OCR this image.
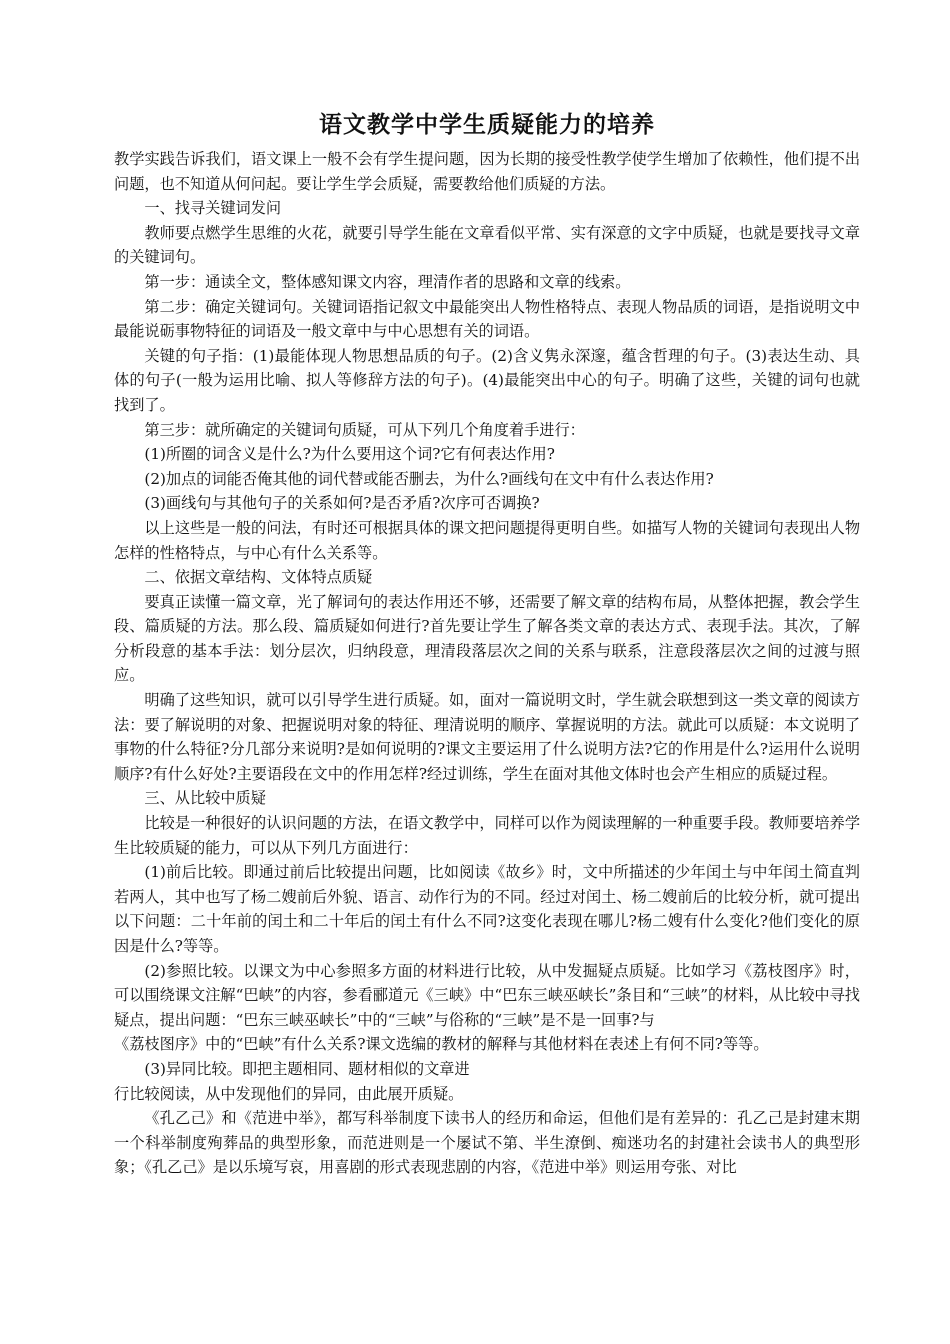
语文教学中学生质疑能力的培养

教学实践告诉我们，语文课上一般不会有学生提问题，因为长期的接受性教学使学生增加了依赖性，他们提不出问题，也不知道从何问起。要让学生学会质疑，需要教给他们质疑的方法。

一、找寻关键词发问

教师要点燃学生思维的火花，就要引导学生能在文章看似平常、实有深意的文字中质疑，也就是要找寻文章的关键词句。

第一步：通读全文，整体感知课文内容，理清作者的思路和文章的线索。

第二步：确定关键词句。关键词语指记叙文中最能突出人物性格特点、表现人物品质的词语，是指说明文中最能说砺事物特征的词语及一般文章中与中心思想有关的词语。

关键的句子指：(1)最能体现人物思想品质的句子。(2)含义隽永深邃，蕴含哲理的句子。(3)表达生动、具体的句子(一般为运用比喻、拟人等修辞方法的句子)。(4)最能突出中心的句子。明确了这些，关键的词句也就找到了。

第三步：就所确定的关键词句质疑，可从下列几个角度着手进行：

(1)所圈的词含义是什么?为什么要用这个词?它有何表达作用?

(2)加点的词能否俺其他的词代替或能否删去，为什么?画线句在文中有什么表达作用?

(3)画线句与其他句子的关系如何?是否矛盾?次序可否调换?

以上这些是一般的问法，有时还可根据具体的课文把问题提得更明自些。如描写人物的关键词句表现出人物怎样的性格特点，与中心有什么关系等。

二、依据文章结构、文体特点质疑

要真正读懂一篇文章，光了解词句的表达作用还不够，还需要了解文章的结构布局，从整体把握，教会学生段、篇质疑的方法。那么段、篇质疑如何进行?首先要让学生了解各类文章的表达方式、表现手法。其次，了解分析段意的基本手法：划分层次，归纳段意，理清段落层次之间的关系与联系，注意段落层次之间的过渡与照应。

明确了这些知识，就可以引导学生进行质疑。如，面对一篇说明文时，学生就会联想到这一类文章的阅读方法：要了解说明的对象、把握说明对象的特征、理清说明的顺序、掌握说明的方法。就此可以质疑：本文说明了事物的什么特征?分几部分来说明?是如何说明的?课文主要运用了什么说明方法?它的作用是什么?运用什么说明顺序?有什么好处?主要语段在文中的作用怎样?经过训练，学生在面对其他文体时也会产生相应的质疑过程。

三、从比较中质疑

比较是一种很好的认识问题的方法，在语文教学中，同样可以作为阅读理解的一种重要手段。教师要培养学生比较质疑的能力，可以从下列几方面进行：

(1)前后比较。即通过前后比较提出问题，比如阅读《故乡》时，文中所描述的少年闰土与中年闰土简直判若两人，其中也写了杨二嫂前后外貌、语言、动作行为的不同。经过对闰土、杨二嫂前后的比较分析，就可提出以下问题：二十年前的闰土和二十年后的闰土有什么不同?这变化表现在哪儿?杨二嫂有什么变化?他们变化的原因是什么?等等。

(2)参照比较。以课文为中心参照多方面的材料进行比较，从中发掘疑点质疑。比如学习《荔枝图序》时，可以围绕课文注解“巴峡”的内容，参看郦道元《三峡》中“巴东三峡巫峡长”条目和“三峡”的材料，从比较中寻找疑点，提出问题：“巴东三峡巫峡长”中的“三峡”与俗称的“三峡”是不是一回事?与

《荔枝图序》中的“巴峡”有什么关系?课文选编的教材的解释与其他材料在表述上有何不同?等等。

(3)异同比较。即把主题相同、题材相似的文章进

行比较阅读，从中发现他们的异同，由此展开质疑。

《孔乙己》和《范进中举》，都写科举制度下读书人的经历和命运，但他们是有差异的：孔乙己是封建末期一个科举制度殉葬品的典型形象，而范进则是一个屡试不第、半生潦倒、痴迷功名的封建社会读书人的典型形象；《孔乙己》是以乐境写哀，用喜剧的形式表现悲剧的内容，《范进中举》则运用夸张、对比
